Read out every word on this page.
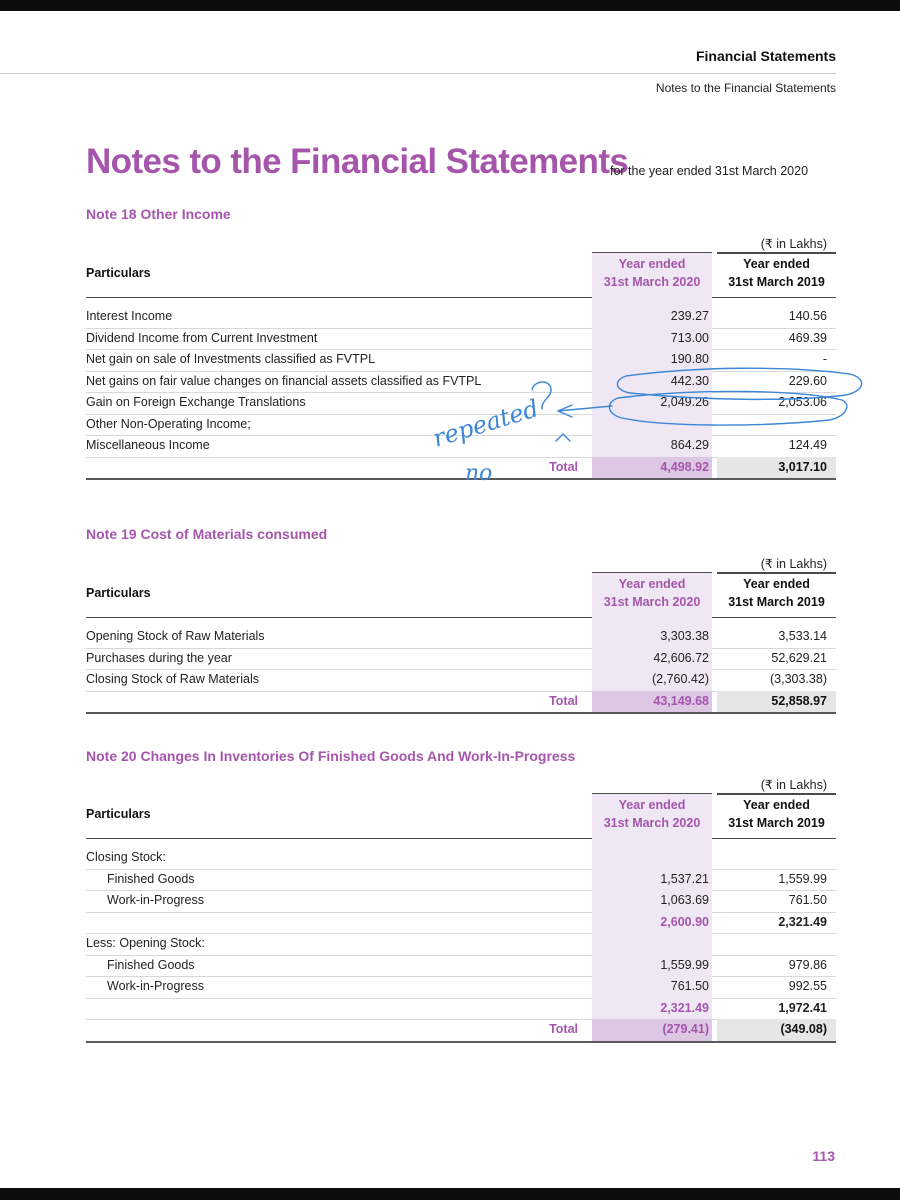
Financial Statements
Notes to the Financial Statements
Notes to the Financial Statements
for the year ended 31st March 2020
Note 18 Other Income
(₹ in Lakhs)
Particulars
Year ended
31st March 2020
Year ended
31st March 2019
Interest Income	239.27	140.56
Dividend Income from Current Investment	713.00	469.39
Net gain on sale of Investments classified as FVTPL	190.80	-
Net gains on fair value changes on financial assets classified as FVTPL	442.30	229.60
Gain on Foreign Exchange Translations	2,049.26	2,053.06
Other Non-Operating Income;
Miscellaneous Income	864.29	124.49
Total	4,498.92	3,017.10
Note 19 Cost of Materials consumed
(₹ in Lakhs)
Particulars
Year ended
31st March 2020
Year ended
31st March 2019
Opening Stock of Raw Materials	3,303.38	3,533.14
Purchases during the year	42,606.72	52,629.21
Closing Stock of Raw Materials	(2,760.42)	(3,303.38)
Total	43,149.68	52,858.97
Note 20 Changes In Inventories Of Finished Goods And Work-In-Progress
(₹ in Lakhs)
Particulars
Year ended
31st March 2020
Year ended
31st March 2019
Closing Stock:
Finished Goods	1,537.21	1,559.99
Work-in-Progress	1,063.69	761.50
2,600.90	2,321.49
Less: Opening Stock:
Finished Goods	1,559.99	979.86
Work-in-Progress	761.50	992.55
2,321.49	1,972.41
Total	(279.41)	(349.08)
113
repeated
no
